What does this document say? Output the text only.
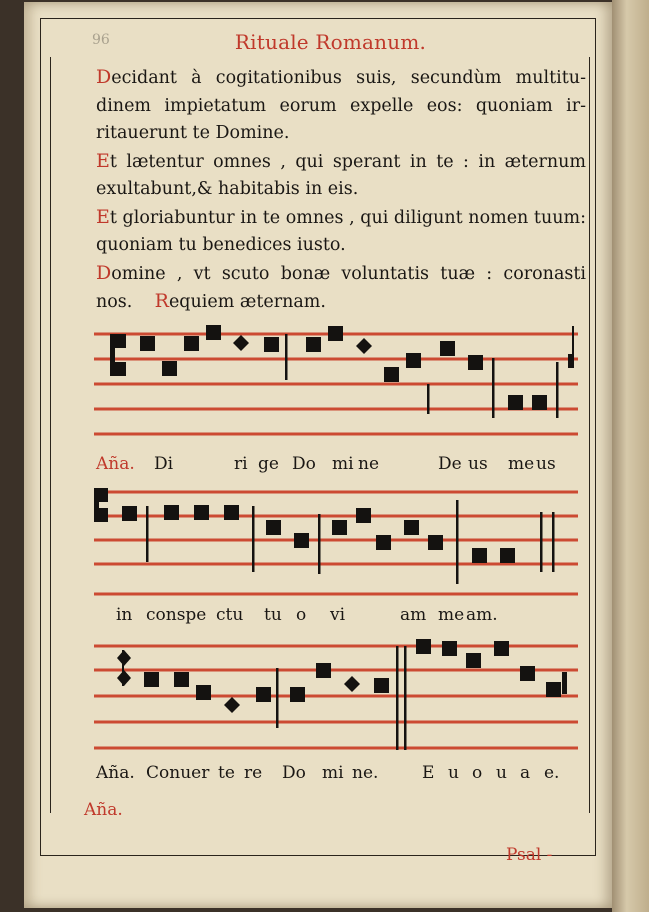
96	Rituale Romanum.

Decidant à cogitationibus suis, secundùm multitu-dinem impietatum eorum expelle eos: quoniam ir-ritauerunt te Domine.

Et lætentur omnes , qui sperant in te : in æternum exultabunt,& habitabis in eis.

Et gloriabuntur in te omnes , qui diligunt nomen tuum: quoniam tu benedices iusto.

Domine , vt scuto bonæ voluntatis tuæ : coronasti nos. Requiem æternam.

Aña. Di	ri ge Do mi ne	De us me us
in conspe ctu tu o vi	am me am.
Aña. Conuer te re Do mi ne.	E u o u a e.
Aña.
Psal -
